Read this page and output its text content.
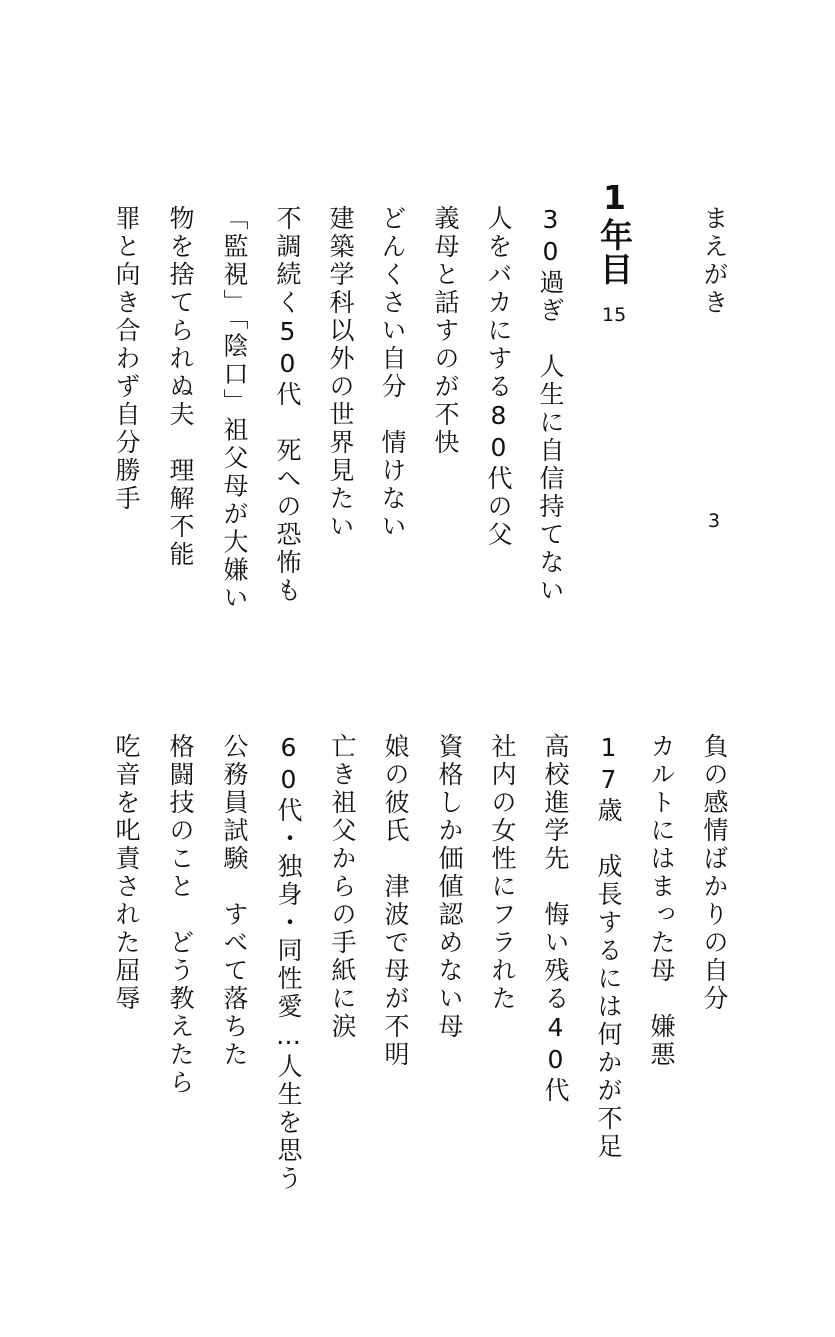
まえがき
3
1年目
15
30過ぎ　人生に自信持てない
人をバカにする80代の父
義母と話すのが不快
どんくさい自分　情けない
建築学科以外の世界見たい
不調続く50代　死への恐怖も
「監視」「陰口」祖父母が大嫌い
物を捨てられぬ夫　理解不能
罪と向き合わず自分勝手
負の感情ばかりの自分
カルトにはまった母　嫌悪
17歳　成長するには何かが不足
高校進学先　悔い残る40代
社内の女性にフラれた
資格しか価値認めない母
娘の彼氏　津波で母が不明
亡き祖父からの手紙に涙
60代・独身・同性愛…人生を思う
公務員試験　すべて落ちた
格闘技のこと　どう教えたら
吃音を叱責された屈辱
